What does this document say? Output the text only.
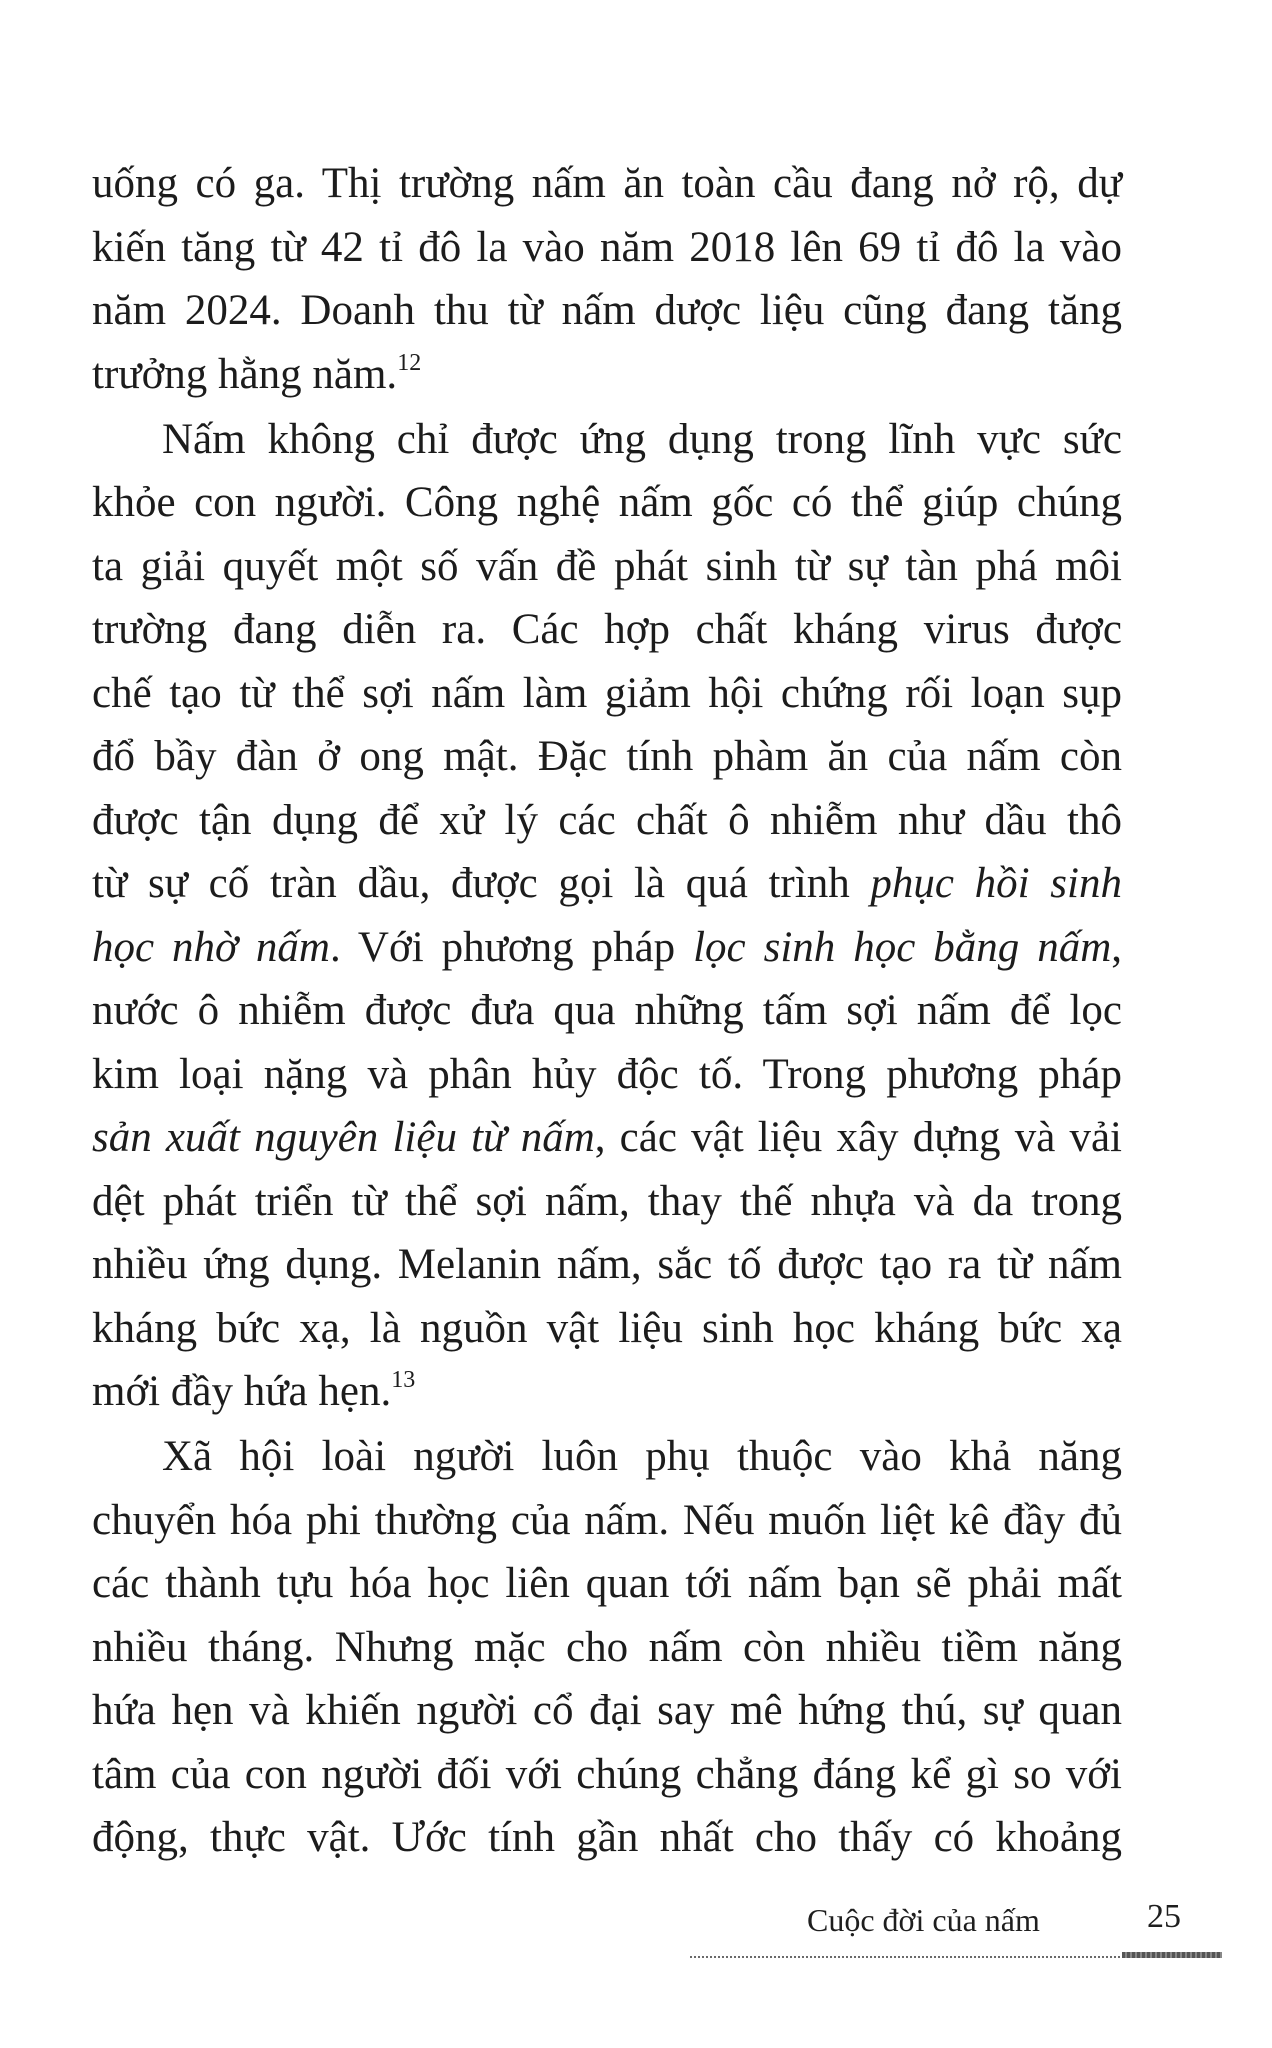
uống có ga. Thị trường nấm ăn toàn cầu đang nở rộ, dự
kiến tăng từ 42 tỉ đô la vào năm 2018 lên 69 tỉ đô la vào
năm 2024. Doanh thu từ nấm dược liệu cũng đang tăng
trưởng hằng năm.$^{12}$
Nấm không chỉ được ứng dụng trong lĩnh vực sức
khỏe con người. Công nghệ nấm gốc có thể giúp chúng
ta giải quyết một số vấn đề phát sinh từ sự tàn phá môi
trường đang diễn ra. Các hợp chất kháng virus được
chế tạo từ thể sợi nấm làm giảm hội chứng rối loạn sụp
đổ bầy đàn ở ong mật. Đặc tính phàm ăn của nấm còn
được tận dụng để xử lý các chất ô nhiễm như dầu thô
từ sự cố tràn dầu, được gọi là quá trình phục hồi sinh
học nhờ nấm. Với phương pháp lọc sinh học bằng nấm,
nước ô nhiễm được đưa qua những tấm sợi nấm để lọc
kim loại nặng và phân hủy độc tố. Trong phương pháp
sản xuất nguyên liệu từ nấm, các vật liệu xây dựng và vải
dệt phát triển từ thể sợi nấm, thay thế nhựa và da trong
nhiều ứng dụng. Melanin nấm, sắc tố được tạo ra từ nấm
kháng bức xạ, là nguồn vật liệu sinh học kháng bức xạ
mới đầy hứa hẹn.$^{13}$
Xã hội loài người luôn phụ thuộc vào khả năng
chuyển hóa phi thường của nấm. Nếu muốn liệt kê đầy đủ
các thành tựu hóa học liên quan tới nấm bạn sẽ phải mất
nhiều tháng. Nhưng mặc cho nấm còn nhiều tiềm năng
hứa hẹn và khiến người cổ đại say mê hứng thú, sự quan
tâm của con người đối với chúng chẳng đáng kể gì so với
động, thực vật. Ước tính gần nhất cho thấy có khoảng
Cuộc đời của nấm	25
